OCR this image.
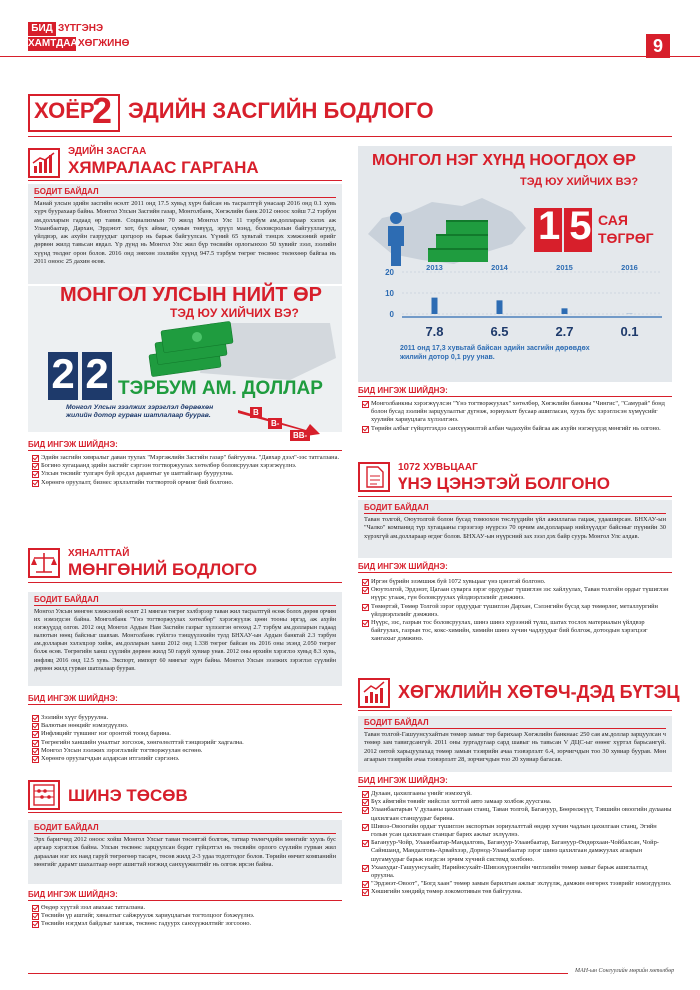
БИД ЗҮТГЭНЭ
ХАМТДАА ХӨГЖИНӨ	9
ХОЁР
2 ЭДИЙН ЗАСГИЙН БОДЛОГО
ЭДИЙН ЗАСГАА
ХЯМРАЛААС ГАРГАНА
БОДИТ БАЙДАЛ
Манай улсын эдийн засгийн өсөлт 2011 онд 17.5 хувьд хүрч байсан нь тасралтгүй унасаар 2016 онд 0.1 хувь хүрч буурахаар байна. Монгол Улсын Засгийн газар, Монголбанк, Хөгжлийн банк 2012 оноос хойш 7.2 тэрбум ам.долларын гадаад өр тавив. Социализмын 70 жилд Монгол Улс 11 тэрбум ам.доллараар хэлэх аж Улаанбаатар, Дархан, Эрдэнэт хот, бүх аймаг, сумын төвүүд, эрүүл мэнд, боловсролын байгууллагууд, үйлдвэр, аж ахуйн газруудыг цогцоор нь барьж байгуулсан. Үүний 65 хувьтай тэнцэх хэмжээний өрийг дөрвөн жилд тавьсан явдал. Үр дүнд нь Монгол Улс жил бүр төсвийн орлогынхоо 50 хувийг зээл, зээлийн хүүнд төлдөг орон болов. 2016 онд зөвхөн зээлийн хүүнд 947.5 тэрбум төгрөг төсвөөс төлөхөөр байгаа нь 2011 оноос 25 дахин өсөв.
МОНГОЛ УЛСЫН НИЙТ ӨР
ТЭД ЮУ ХИЙЧИХ ВЭ?
2 2 ТЭРБУМ АМ. ДОЛЛАР
B
B-
BB-
Монгол Улсын зээлжих зэрэглэл дөрвөхөн жилийн дотор гурван шатлалаар буурав.
БИД ИНГЭЖ ШИЙДНЭ:
Эдийн засгийн хямралыг даван туулах "Мэргэжлийн Засгийн газар" байгуулна. "Давхар дээл"-ээс татгалзана.
Богино хугацаанд эдийн засгийг сэргээн тогтворжуулах хөтөлбөр боловсруулан хэрэгжүүлнэ.
Улсын төсвийг тулгарч буй эрсдэл дарамтыг үе шаттайгаар бууруулна.
Хөрөнгө оруулалт, бизнес эрхлэлтийн тогтвортой орчинг бий болгоно.
ХЯНАЛТТАЙ
МӨНГӨНИЙ БОДЛОГО
БОДИТ БАЙДАЛ
Монгол Улсын мөнгөн хэмжээний өсөлт 21 мянган төгрөг хэлбэрээр таван жил тасралтгүй өсөж болох дөрөв орчим их нэмэгдсэн байна. Монголбанк "Үнэ тогтворжуулах хөтөлбөр" хэрэгжүүлж цөөн тооны иргэд, аж ахуйн нэгжүүдэд олгов. 2012 онд Монгол Ардын Нам Засгийн газрыг хүлээлгэн өгөхөд 2.7 тэрбум ам.долларын гадаад валютын нөөц байсныг шавхав. Монголбанк гүйлгээ тэнцүүлэхийн тулд БНХАУ-ын Ардын банктай 2.3 тэрбум ам.долларын хэлэлцээр хийж, ам.долларын ханш 2012 онд 1.338 төгрөг байсан нь 2016 оны эхэнд 2.050 төгрөг болж өсөв. Төгрөгийн ханш сүүлийн дөрвөн жилд 50 гаруй хувиар унав. 2012 оны өрхийн хэрэглээ хувьд 8.3 хувь, инфляц 2016 онд 12.5 хувь. Экспорт, импорт 60 мянгыг хүрч байна. Монгол Улсын зээлжих зэрэглэл сүүлийн дөрвөн жилд гурван шатлалаар буурав.
БИД ИНГЭЖ ШИЙДНЭ:
Зээлийн хүүг бууруулна.
Валютын нөөцийг нэмэгдүүлнэ.
Инфляцийг түвшинг нэг оронтой тоонд барина.
Төгрөгийн ханшийн уналтыг зогсоож, хөнгөлөлттэй тэнцвэрийг хадгална.
Монгол Улсын зээлжих зэрэглэлийг тогтворжуулан өсгөнө.
Хөрөнгө оруулагчдын алдарсан итгэлийг сэргээнэ.
ШИНЭ ТӨСӨВ
БОДИТ БАЙДАЛ
Эрх баригчид 2012 оноос хойш Монгол Улсыг таван төсөвтэй болгож, татвар төлөгчдийн мөнгийг хууль бус аргаар хэрэглэж байна. Улсын төсвөөс зарцуулсан бодит гүйцэтгэл нь төсвийн орлого сүүлийн гурван жил дараалан нэг их наяд гаруй төгрөгөөр тасарч, төсөв жилд 2-3 удаа тодотгодог болов. Төрийн өмчит компанийн мөнгийг дарамт шахалтаар өөрт ашигтай нэгжид санхүүжилтийг нь олгож ирсэн байна.
БИД ИНГЭЖ ШИЙДНЭ:
Өөдөр хүүтэй зээл авахаас татгалзана.
Төсвийн үр ашгийг, хяналтыг сайжруулж хариуцлагын тогтолцоог бэхжүүлнэ.
Төсвийн нэгдмэл байдлыг хангаж, төсвөөс гадуурх санхүүжилтийг зогсооно.
МОНГОЛ НЭГ ХҮНД НООГДОХ ӨР
ТЭД ЮУ ХИЙЧИХ ВЭ?
15
САЯ
ТӨГРӨГ
20
10
0
2013
7.8
2014
6.5
2015
2.7
2016
0.1
2011 онд 17,3 хувьтай байсан эдийн засгийн дөрөвдөх жилийн дотор 0,1 руу унав.
БИД ИНГЭЖ ШИЙДНЭ:
Монголбанкны хэрэгжүүлсэн "Үнэ тогтворжуулах" хөтөлбөр, Хөгжлийн банкны "Чингис", "Самурай" бонд болон бусад зээлийн зарцуулалтыг дүгнэж, зориулалт бусаар ашигласан, хууль бус хэрэглэсэн хүмүүсийг хуулийн хариуцлага хүлээлгэнэ.
Төрийн албыг гүйцэтгэхдээ санхүүжилтэй албан чадахуйн байгаа аж ахуйн нэгжүүдэд мөнгийг нь олгоно.
1072 ХУВЬЦААГ
ҮНЭ ЦЭНЭТЭЙ БОЛГОНО
БОДИТ БАЙДАЛ
Таван толгой, Оюутолгой болон бусад томоохон төслүүдийн үйл ажиллагаа гацаж, удааширсан. БНХАУ-ын "Чалко" компанид түр хугацааны гэрээгээр нүүрсээ 70 орчим ам.доллараар нийлүүлдэг байсныг пүүнийн 30 хүрэхгүй ам.доллараар өгдөг болов. БНХАУ-ын нүүрсний зах зээл дэх байр суурь Монгол Улс алдав.
БИД ИНГЭЖ ШИЙДНЭ:
Иргэн бүрийн эзэмшиж буй 1072 хувьцааг үнэ цэнэтэй болгоно.
Оюутолгой, Эрдэнэт, Цагаан суварга зэрэг ордуудыг түшиглэн зэс хайлуулах, Таван толгойн ордыг түшиглэн нүүрс угааж, гүн боловсруулах үйлдвэрлэлийг дэмжинэ.
Төмөртэй, Төмөр Толгой зэрэг ордуудыг түшиглэн Дархан, Сэлэнгийн бүсэд хар төмөрлөг, металлургийн үйлдвэрлэлийг дэмжинэ.
Нүүрс, зэс, газрын тос боловсруулах, шинэ шинэ хүрээний түлш, шатах тослох материалын үйлдвэр байгуулах, газрын тос, кокс-химийн, химийн шинэ хүчин чадлуудыг бий болгож, дотоодын хэрэгцээг хангахыг дэмжинэ.
ХӨГЖЛИЙН ХӨТӨЧ-ДЭД БҮТЭЦ
БОДИТ БАЙДАЛ
Таван толгой-Гашуунсухайтын төмөр замыг төр барихаар Хөгжлийн банкнаас 250 сая ам.доллар зарцуулсан ч төмөр зам тавигдсангүй. 2011 оны зургадугаар сард шавыг нь тавьсан V ДЦС-ыг өнөөг хүртэл барьсангүй. 2012 онтой харьцуулахад төмөр замын тээврийн ачаа тээвэрлэлт 6.4, зорчигчдын тоо 30 хувиар буурав. Мөн агаарын тээврийн ачаа тээвэрлэлт 28, зорчигчдын тоо 20 хувиар багасав.
БИД ИНГЭЖ ШИЙДНЭ:
Дулаан, цахилгааны үнийг нэмэхгүй.
Бүх аймгийн төвийг нийслэл хоттой авто замаар холбож дуусгана.
Улаанбаатарын V дулааны цахилгаан станц, Таван толгой, Багануур, Бөөрөлжүүт, Тэвшийн овоогийн дулааны цахилгаан станцуудыг барина.
Шивээ-Овоогийн ордыг түшиглэн экспортын зориулалттай өндөр хүчин чадлын цахилгаан станц, Эгийн голын усан цахилгаан станцыг барих ажлыг эхлүүлнэ.
Багануур-Чойр, Улаанбаатар-Мандалговь, Багануур-Улаанбаатар, Багануур-Өндөрхаан-Чойбалсан, Чойр-Сайншанд, Мандалговь-Арвайхээр, Дорнод-Улаанбаатар зэрэг шинэ цахилгаан дамжуулах агаарын шугамуудыг барьж нэгдсэн эрчим хүчний системд холбоно.
Ухаахудаг-Гашуунсухайт, Нарийнсухайт-Шивээхүрэнгийн чиглэлийн төмөр замыг барьж ашиглалтад оруулна.
"Эрдэнэт-Овоот", "Богд хаан" төмөр замын барилгын ажлыг эхлүүлж, дамжин өнгөрөх тээврийг нэмэгдүүлнэ.
Хөшигийн хөндийд төмөр локомотивын төв байгуулна.
МАН-ын Сонгуулийн мөрийн хөтөлбөр
